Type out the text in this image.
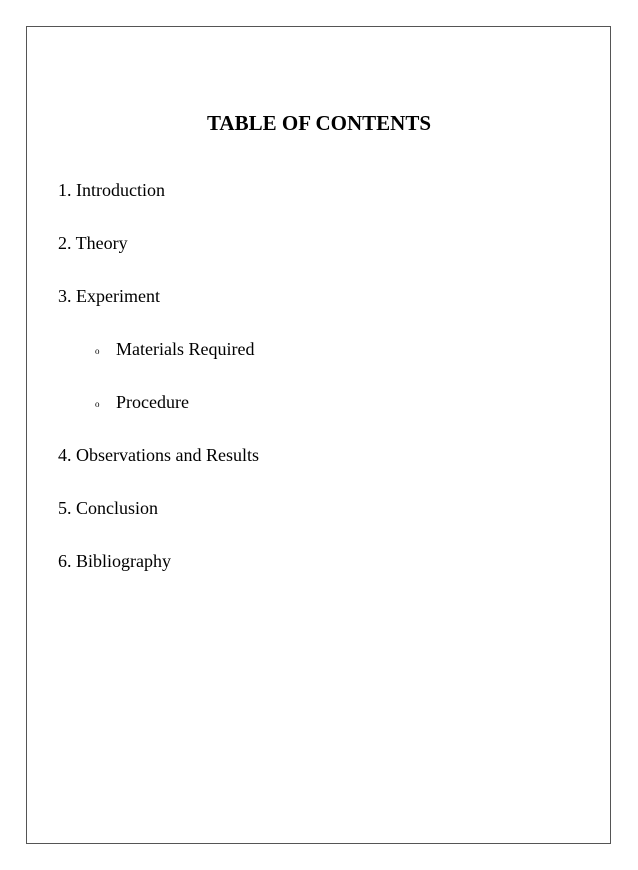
TABLE OF CONTENTS
1. Introduction
2. Theory
3. Experiment
o Materials Required
o Procedure
4. Observations and Results
5. Conclusion
6. Bibliography
